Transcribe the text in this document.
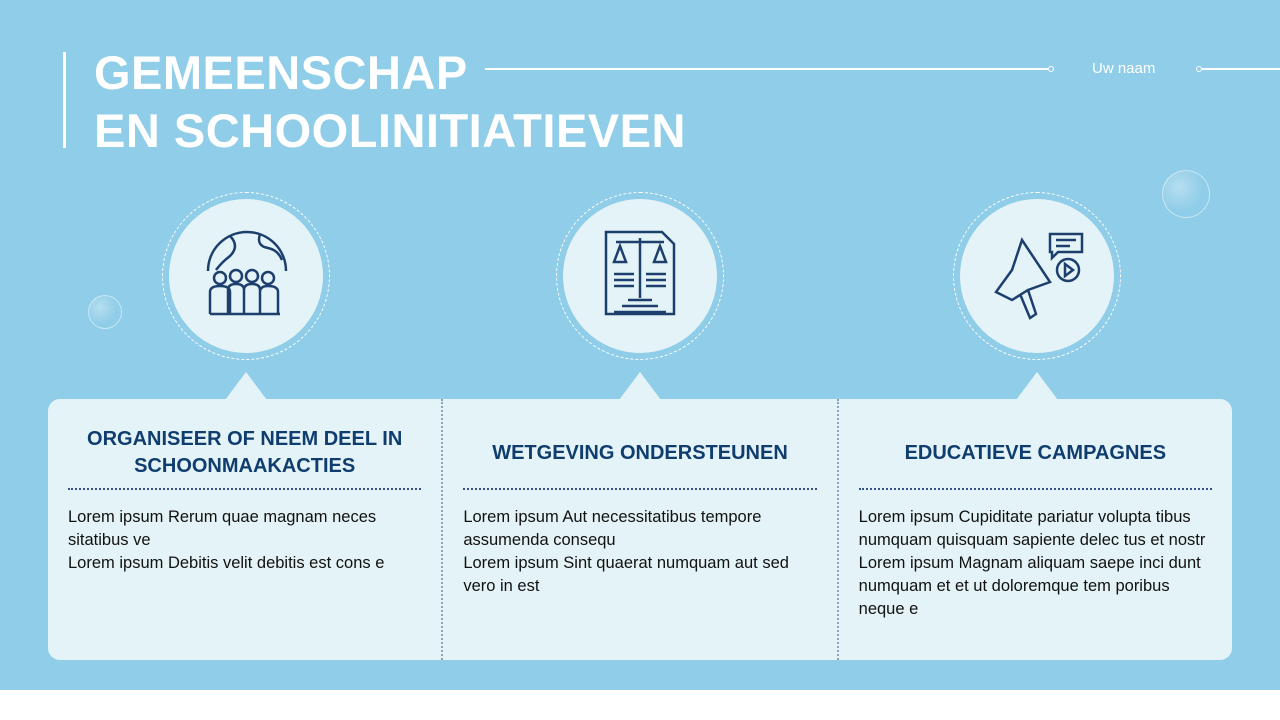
GEMEENSCHAP
EN SCHOOLINITIATIEVEN
Uw naam
ORGANISEER OF NEEM DEEL IN SCHOONMAAKACTIES

Lorem ipsum Rerum quae magnam neces sitatibus ve

Lorem ipsum Debitis velit debitis est cons e

WETGEVING ONDERSTEUNEN

Lorem ipsum Aut necessitatibus tempore assumenda consequ

Lorem ipsum Sint quaerat numquam aut sed vero in est

EDUCATIEVE CAMPAGNES

Lorem ipsum Cupiditate pariatur volupta tibus numquam quisquam sapiente delec tus et nostr

Lorem ipsum Magnam aliquam saepe inci dunt numquam et et ut doloremque tem poribus neque e
